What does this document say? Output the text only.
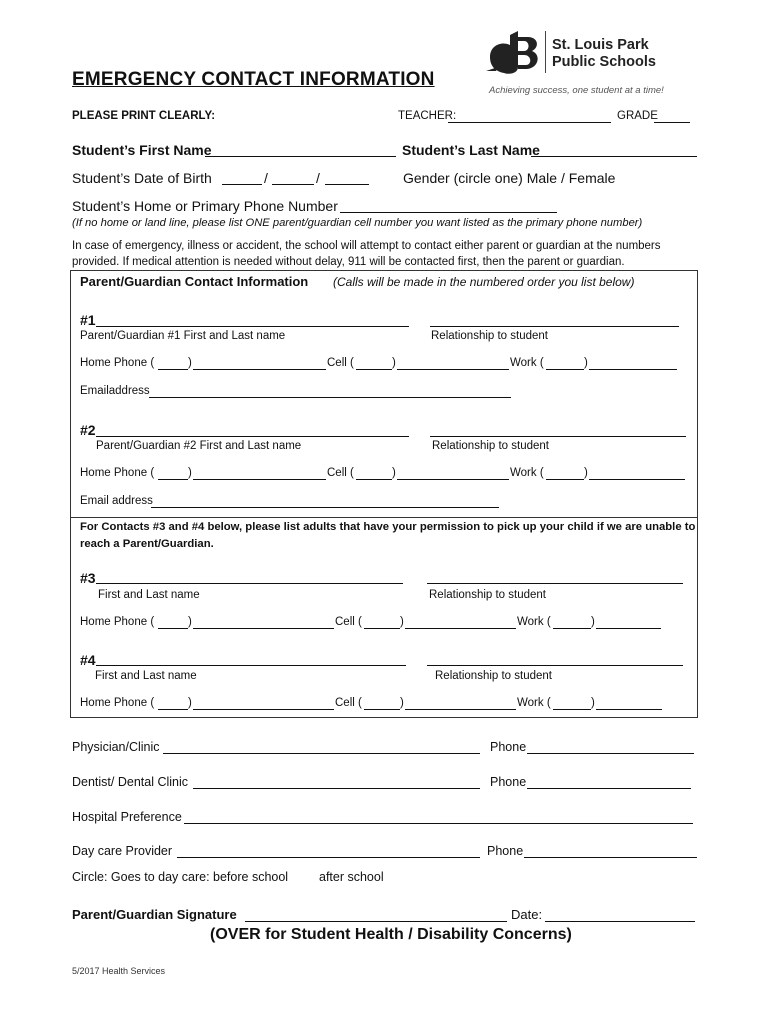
St. Louis Park
Public Schools
Achieving success, one student at a time!
EMERGENCY CONTACT INFORMATION
PLEASE PRINT CLEARLY:	TEACHER:	GRADE
Student’s First Name	Student’s Last Name
Student’s Date of Birth	/	/	Gender (circle one) Male / Female
Student’s Home or Primary Phone Number
(If no home or land line, please list ONE parent/guardian cell number you want listed as the primary phone number)
In case of emergency, illness or accident, the school will attempt to contact either parent or guardian at the numbers
provided. If medical attention is needed without delay, 911 will be contacted first, then the parent or guardian.
Parent/Guardian Contact Information (Calls will be made in the numbered order you list below)
#1
Parent/Guardian #1 First and Last name	Relationship to student
Home Phone (	)	Cell (	)	Work (	)
Emailaddress
#2
Parent/Guardian #2 First and Last name	Relationship to student
Home Phone (	)	Cell (	)	Work (	)
Email address
For Contacts #3 and #4 below, please list adults that have your permission to pick up your child if we are unable to
reach a Parent/Guardian.
#3
First and Last name	Relationship to student
Home Phone (	)	Cell (	)	Work (	)
#4
First and Last name	Relationship to student
Home Phone (	)	Cell (	)	Work (	)
Physician/Clinic	Phone
Dentist/ Dental Clinic	Phone
Hospital Preference
Day care Provider	Phone
Circle: Goes to day care: before school after school
Parent/Guardian Signature	Date:
(OVER for Student Health / Disability Concerns)
5/2017 Health Services
